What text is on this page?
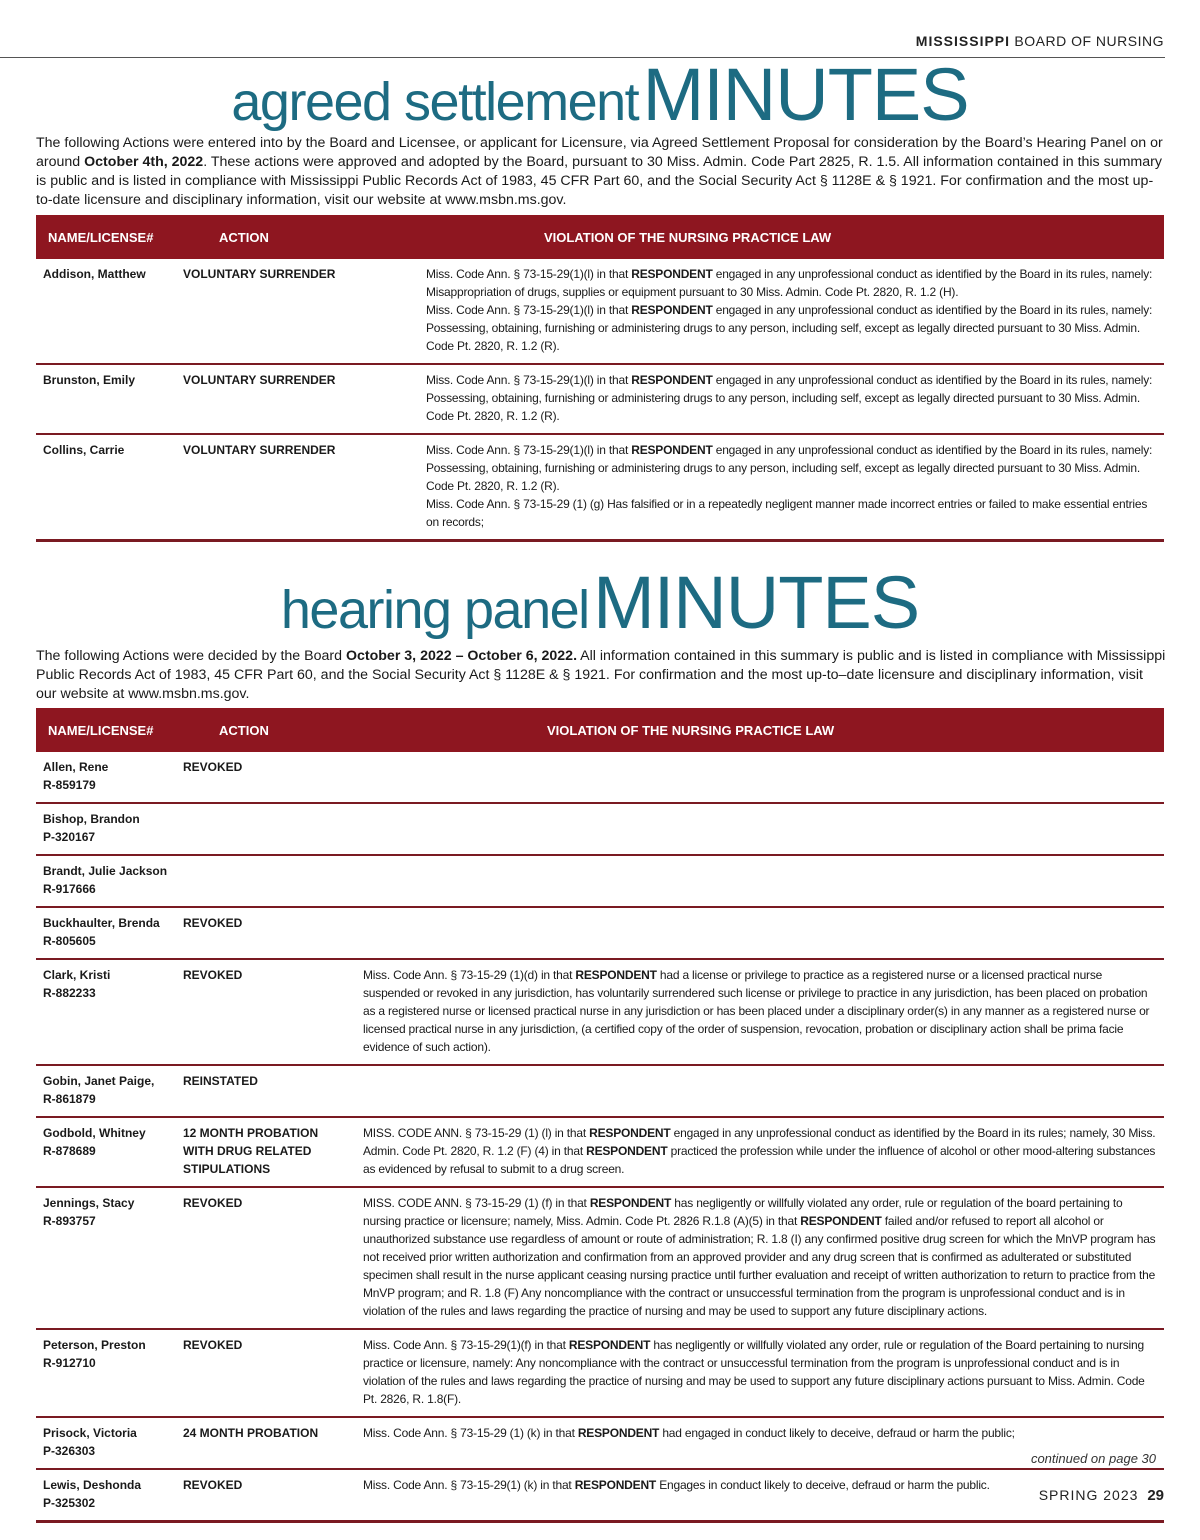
MISSISSIPPI BOARD OF NURSING
agreed settlement MINUTES
The following Actions were entered into by the Board and Licensee, or applicant for Licensure, via Agreed Settlement Proposal for consideration by the Board’s Hearing Panel on or around October 4th, 2022. These actions were approved and adopted by the Board, pursuant to 30 Miss. Admin. Code Part 2825, R. 1.5. All information contained in this summary is public and is listed in compliance with Mississippi Public Records Act of 1983, 45 CFR Part 60, and the Social Security Act § 1128E & § 1921. For confirmation and the most up-to-date licensure and disciplinary information, visit our website at www.msbn.ms.gov.
NAME/LICENSE#	ACTION	VIOLATION OF THE NURSING PRACTICE LAW

Addison, Matthew	VOLUNTARY SURRENDER	Miss. Code Ann. § 73-15-29(1)(l) in that RESPONDENT engaged in any unprofessional conduct as identified by the Board in its rules, namely: Misappropriation of drugs, supplies or equipment pursuant to 30 Miss. Admin. Code Pt. 2820, R. 1.2 (H).

Miss. Code Ann. § 73-15-29(1)(l) in that RESPONDENT engaged in any unprofessional conduct as identified by the Board in its rules, namely: Possessing, obtaining, furnishing or administering drugs to any person, including self, except as legally directed pursuant to 30 Miss. Admin. Code Pt. 2820, R. 1.2 (R).

Brunston, Emily	VOLUNTARY SURRENDER	Miss. Code Ann. § 73-15-29(1)(l) in that RESPONDENT engaged in any unprofessional conduct as identified by the Board in its rules, namely: Possessing, obtaining, furnishing or administering drugs to any person, including self, except as legally directed pursuant to 30 Miss. Admin. Code Pt. 2820, R. 1.2 (R).

Collins, Carrie	VOLUNTARY SURRENDER	Miss. Code Ann. § 73-15-29(1)(l) in that RESPONDENT engaged in any unprofessional conduct as identified by the Board in its rules, namely: Possessing, obtaining, furnishing or administering drugs to any person, including self, except as legally directed pursuant to 30 Miss. Admin. Code Pt. 2820, R. 1.2 (R).

Miss. Code Ann. § 73-15-29 (1) (g) Has falsified or in a repeatedly negligent manner made incorrect entries or failed to make essential entries on records;

hearing panel MINUTES
The following Actions were decided by the Board October 3, 2022 – October 6, 2022. All information contained in this summary is public and is listed in compliance with Mississippi Public Records Act of 1983, 45 CFR Part 60, and the Social Security Act § 1128E & § 1921. For confirmation and the most up-to–date licensure and disciplinary information, visit our website at www.msbn.ms.gov.
NAME/LICENSE#	ACTION	VIOLATION OF THE NURSING PRACTICE LAW

Allen, Rene
R-859179	REVOKED	

Bishop, Brandon
P-320167		

Brandt, Julie Jackson
R-917666		

Buckhaulter, Brenda
R-805605	REVOKED	

Clark, Kristi
R-882233	REVOKED	Miss. Code Ann. § 73-15-29 (1)(d) in that RESPONDENT had a license or privilege to practice as a registered nurse or a licensed practical nurse suspended or revoked in any jurisdiction, has voluntarily surrendered such license or privilege to practice in any jurisdiction, has been placed on probation as a registered nurse or licensed practical nurse in any jurisdiction or has been placed under a disciplinary order(s) in any manner as a registered nurse or licensed practical nurse in any jurisdiction, (a certified copy of the order of suspension, revocation, probation or disciplinary action shall be prima facie evidence of such action).

Gobin, Janet Paige,
R-861879	REINSTATED	

Godbold, Whitney
R-878689	12 MONTH PROBATION WITH DRUG RELATED STIPULATIONS	MISS. CODE ANN. § 73-15-29 (1) (l) in that RESPONDENT engaged in any unprofessional conduct as identified by the Board in its rules; namely, 30 Miss. Admin. Code Pt. 2820, R. 1.2 (F) (4) in that RESPONDENT practiced the profession while under the influence of alcohol or other mood-altering substances as evidenced by refusal to submit to a drug screen.

Jennings, Stacy
R-893757	REVOKED	MISS. CODE ANN. § 73-15-29 (1) (f) in that RESPONDENT has negligently or willfully violated any order, rule or regulation of the board pertaining to nursing practice or licensure; namely, Miss. Admin. Code Pt. 2826 R.1.8 (A)(5) in that RESPONDENT failed and/or refused to report all alcohol or unauthorized substance use regardless of amount or route of administration; R. 1.8 (I) any confirmed positive drug screen for which the MnVP program has not received prior written authorization and confirmation from an approved provider and any drug screen that is confirmed as adulterated or substituted specimen shall result in the nurse applicant ceasing nursing practice until further evaluation and receipt of written authorization to return to practice from the MnVP program; and R. 1.8 (F) Any noncompliance with the contract or unsuccessful termination from the program is unprofessional conduct and is in violation of the rules and laws regarding the practice of nursing and may be used to support any future disciplinary actions.

Peterson, Preston
R-912710	REVOKED	Miss. Code Ann. § 73-15-29(1)(f) in that RESPONDENT has negligently or willfully violated any order, rule or regulation of the Board pertaining to nursing practice or licensure, namely: Any noncompliance with the contract or unsuccessful termination from the program is unprofessional conduct and is in violation of the rules and laws regarding the practice of nursing and may be used to support any future disciplinary actions pursuant to Miss. Admin. Code Pt. 2826, R. 1.8(F).

Prisock, Victoria
P-326303	24 MONTH PROBATION	Miss. Code Ann. § 73-15-29 (1) (k) in that RESPONDENT had engaged in conduct likely to deceive, defraud or harm the public;

Lewis, Deshonda
P-325302	REVOKED	Miss. Code Ann. § 73-15-29(1) (k) in that RESPONDENT Engages in conduct likely to deceive, defraud or harm the public.

continued on page 30
SPRING 2023 29
